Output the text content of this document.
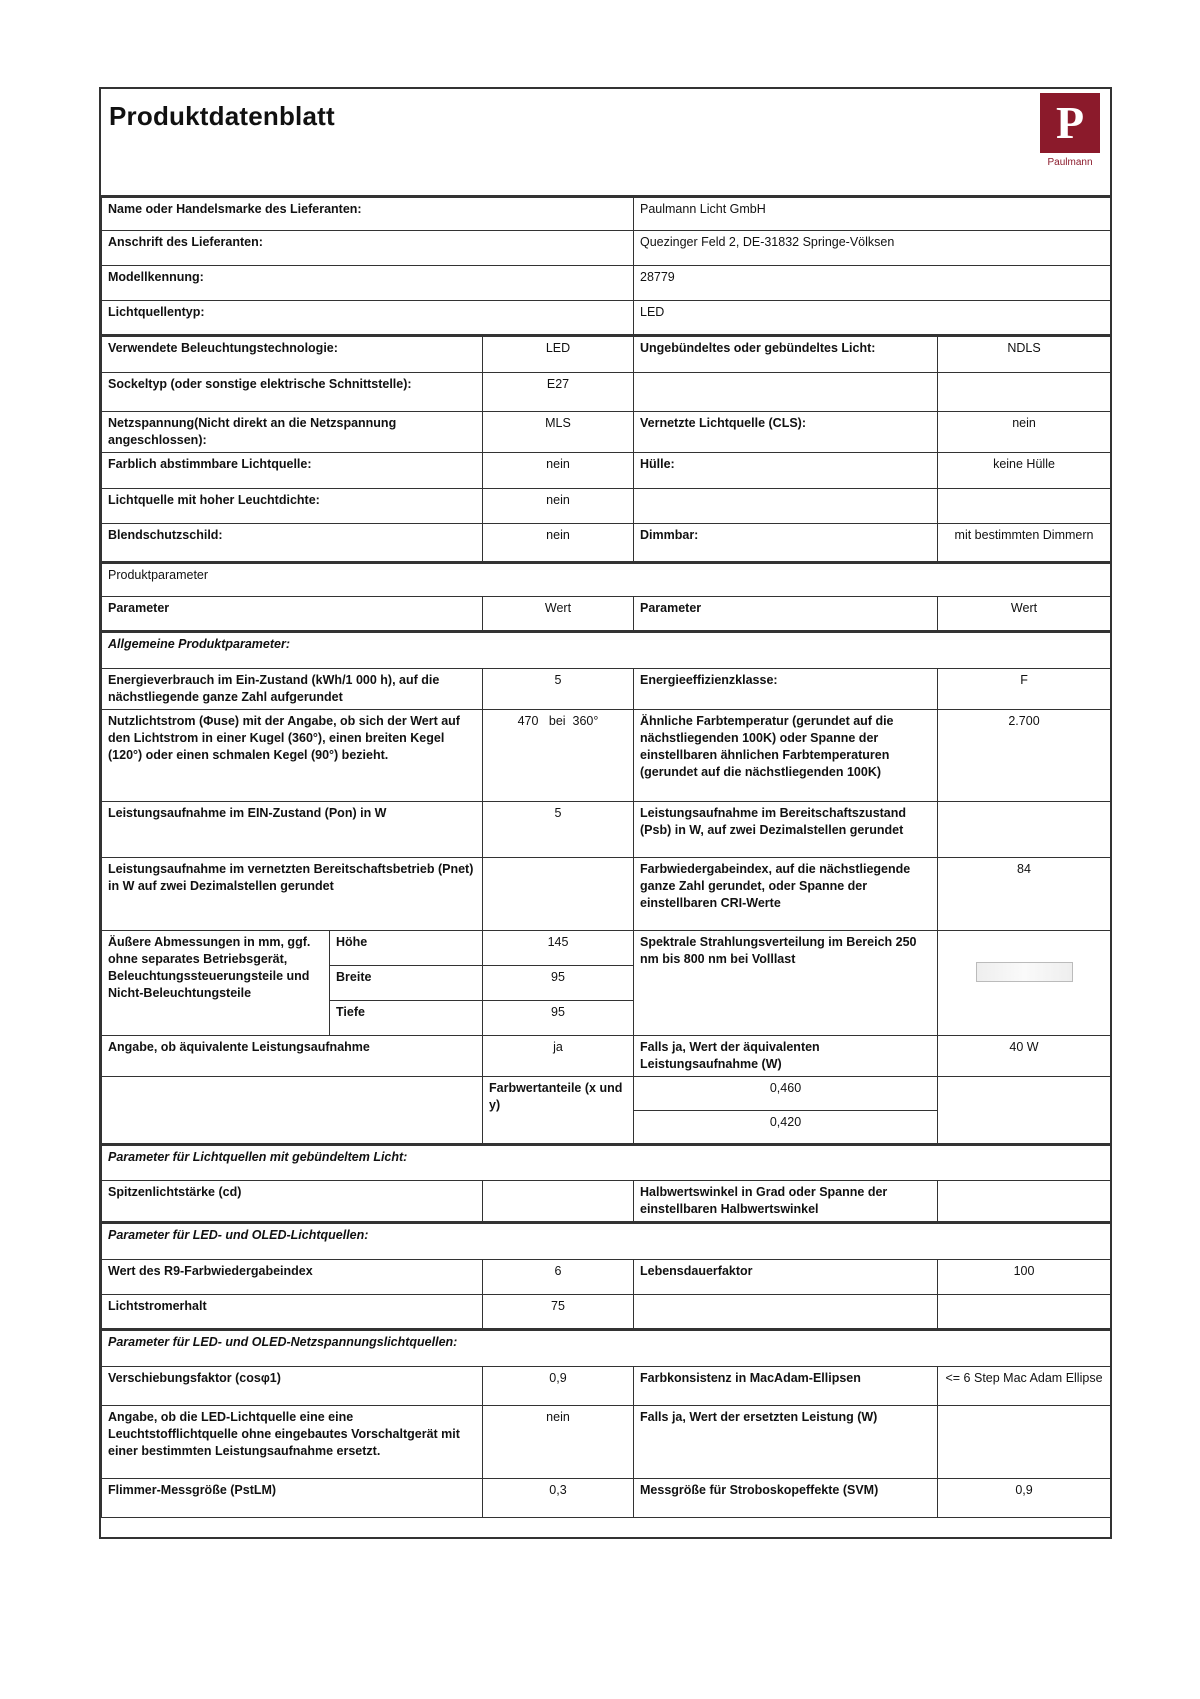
Produktdatenblatt	P
Paulmann
Name oder Handelsmarke des Lieferanten:			Paulmann Licht GmbH	
Anschrift des Lieferanten:			Quezinger Feld 2, DE-31832 Springe-Völksen	
Modellkennung:			28779	
Lichtquellentyp:			LED	
Verwendete Beleuchtungstechnologie:		LED	Ungebündeltes oder gebündeltes Licht:	NDLS
Sockeltyp (oder sonstige elektrische Schnittstelle):		E27		
Netzspannung(Nicht direkt an die Netzspannung angeschlossen):		MLS	Vernetzte Lichtquelle (CLS):	nein
Farblich abstimmbare Lichtquelle:		nein	Hülle:	keine Hülle
Lichtquelle mit hoher Leuchtdichte:		nein		
Blendschutzschild:		nein	Dimmbar:	mit bestimmten Dimmern
Produktparameter				
Parameter		Wert	Parameter	Wert
Allgemeine Produktparameter:				
Energieverbrauch im Ein-Zustand (kWh/1 000 h), auf die nächstliegende ganze Zahl aufgerundet		5	Energieeffizienzklasse:	F
Nutzlichtstrom (Φuse) mit der Angabe, ob sich der Wert auf den Lichtstrom in einer Kugel (360°), einen breiten Kegel (120°) oder einen schmalen Kegel (90°) bezieht.		470 bei 360°	Ähnliche Farbtemperatur (gerundet auf die nächstliegenden 100K) oder Spanne der einstellbaren ähnlichen Farbtemperaturen (gerundet auf die nächstliegenden 100K)	2.700
Leistungsaufnahme im EIN-Zustand (Pon) in W		5	Leistungsaufnahme im Bereitschaftszustand (Psb) in W, auf zwei Dezimalstellen gerundet	
Leistungsaufnahme im vernetzten Bereitschaftsbetrieb (Pnet) in W auf zwei Dezimalstellen gerundet			Farbwiedergabeindex, auf die nächstliegende ganze Zahl gerundet, oder Spanne der einstellbaren CRI-Werte	84
Äußere Abmessungen in mm, ggf. ohne separates Betriebsgerät, Beleuchtungssteuerungsteile und Nicht-Beleuchtungsteile	Höhe	145	Spektrale Strahlungsverteilung im Bereich 250 nm bis 800 nm bei Volllast	
	Breite	95		
	Tiefe	95		
Angabe, ob äquivalente Leistungsaufnahme		ja	Falls ja, Wert der äquivalenten Leistungsaufnahme (W)	40 W
		Farbwertanteile (x und y)	0,460	
			0,420	
Parameter für Lichtquellen mit gebündeltem Licht:				
Spitzenlichtstärke (cd)			Halbwertswinkel in Grad oder Spanne der einstellbaren Halbwertswinkel	
Parameter für LED- und OLED-Lichtquellen:				
Wert des R9-Farbwiedergabeindex		6	Lebensdauerfaktor	100
Lichtstromerhalt		75		
Parameter für LED- und OLED-Netzspannungslichtquellen:				
Verschiebungsfaktor (cosφ1)		0,9	Farbkonsistenz in MacAdam-Ellipsen	<= 6 Step Mac Adam Ellipse
Angabe, ob die LED-Lichtquelle eine eine Leuchtstofflichtquelle ohne eingebautes Vorschaltgerät mit einer bestimmten Leistungsaufnahme ersetzt.		nein	Falls ja, Wert der ersetzten Leistung (W)	
Flimmer-Messgröße (PstLM)		0,3	Messgröße für Stroboskopeffekte (SVM)	0,9
